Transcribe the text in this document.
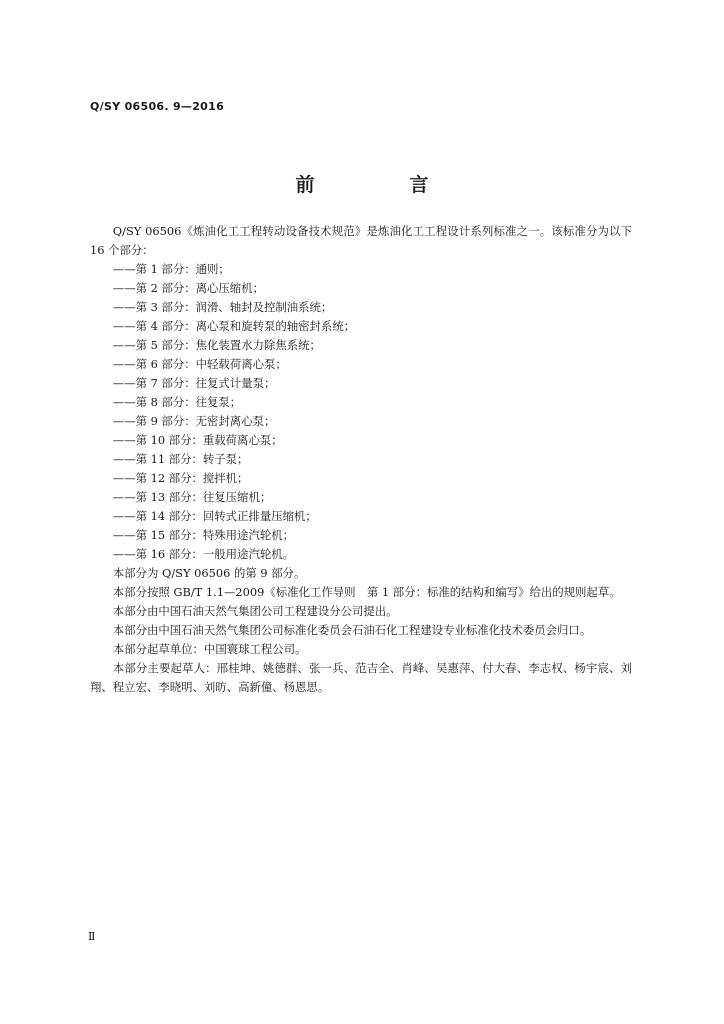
Q/SY 06506. 9—2016
前　言

Q/SY 06506《炼油化工工程转动设备技术规范》是炼油化工工程设计系列标准之一。该标准分为以下 16 个部分：

——第 1 部分：通则；

——第 2 部分：离心压缩机；

——第 3 部分：润滑、轴封及控制油系统；

——第 4 部分：离心泵和旋转泵的轴密封系统；

——第 5 部分：焦化装置水力除焦系统；

——第 6 部分：中轻载荷离心泵；

——第 7 部分：往复式计量泵；

——第 8 部分：往复泵；

——第 9 部分：无密封离心泵；

——第 10 部分：重载荷离心泵；

——第 11 部分：转子泵；

——第 12 部分：搅拌机；

——第 13 部分：往复压缩机；

——第 14 部分：回转式正排量压缩机；

——第 15 部分：特殊用途汽轮机；

——第 16 部分：一般用途汽轮机。

本部分为 Q/SY 06506 的第 9 部分。

本部分按照 GB/T 1.1—2009《标准化工作导则　第 1 部分：标准的结构和编写》给出的规则起草。

本部分由中国石油天然气集团公司工程建设分公司提出。

本部分由中国石油天然气集团公司标准化委员会石油石化工程建设专业标准化技术委员会归口。

本部分起草单位：中国寰球工程公司。

本部分主要起草人：邢桂坤、姚德群、张一兵、范吉全、肖峰、吴惠萍、付大春、李志权、杨宇宸、刘翔、程立宏、李晓明、刘昉、高新僮、杨恩思。

Ⅱ
